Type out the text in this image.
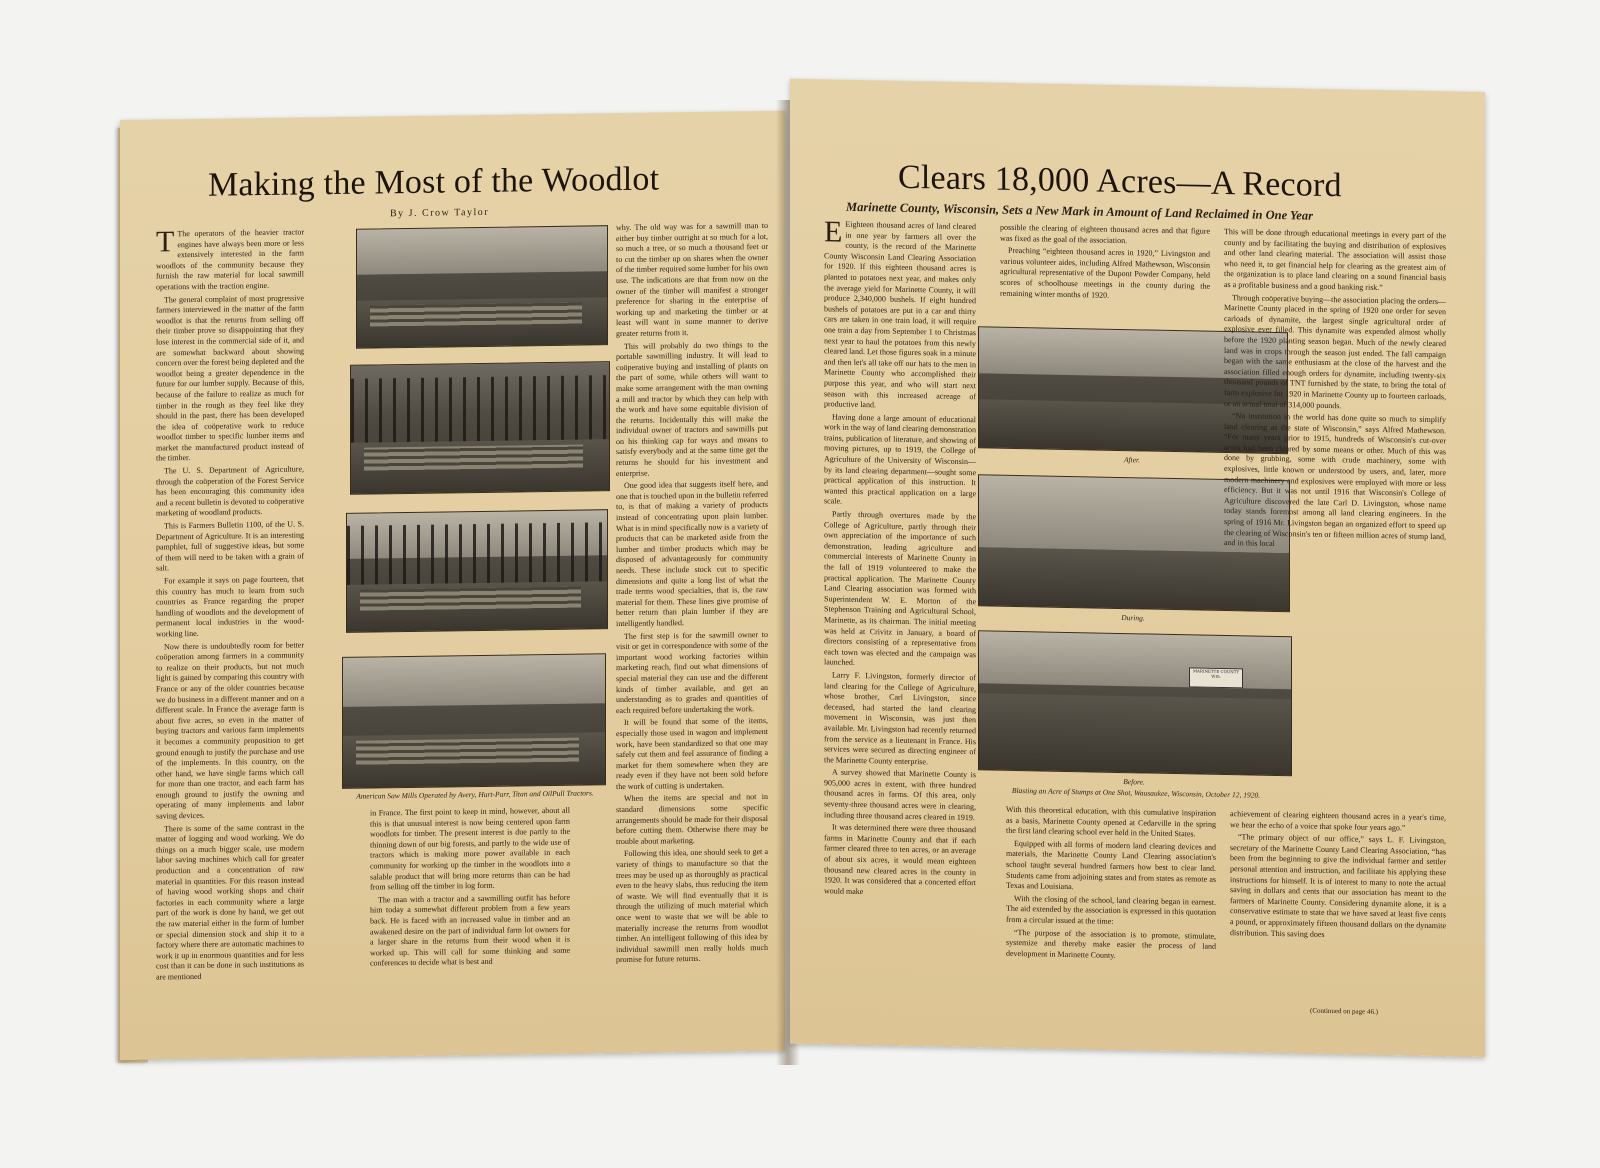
Making the Most of the Woodlot
By J. Crow Taylor

T The operators of the heavier tractor engines have always been more or less extensively interested in the farm woodlots of the community because they furnish the raw material for local sawmill operations with the traction engine.

The general complaint of most progressive farmers interviewed in the matter of the farm woodlot is that the returns from selling off their timber prove so disappointing that they lose interest in the commercial side of it, and are somewhat backward about showing concern over the forest being depleted and the woodlot being a greater dependence in the future for our lumber supply. Because of this, because of the failure to realize as much for timber in the rough as they feel like they should in the past, there has been developed the idea of coöperative work to reduce woodlot timber to specific lumber items and market the manufactured product instead of the timber.

The U. S. Department of Agriculture, through the coöperation of the Forest Service has been encouraging this community idea and a recent bulletin is devoted to coöperative marketing of woodland products.

This is Farmers Bulletin 1100, of the U. S. Department of Agriculture. It is an interesting pamphlet, full of suggestive ideas, but some of them will need to be taken with a grain of salt.

For example it says on page fourteen, that this country has much to learn from such countries as France regarding the proper handling of woodlots and the development of permanent local industries in the wood-working line.

Now there is undoubtedly room for better coöperation among farmers in a community to realize on their products, but not much light is gained by comparing this country with France or any of the older countries because we do business in a different manner and on a different scale. In France the average farm is about five acres, so even in the matter of buying tractors and various farm implements it becomes a community proposition to get ground enough to justify the purchase and use of the implements. In this country, on the other hand, we have single farms which call for more than one tractor, and each farm has enough ground to justify the owning and operating of many implements and labor saving devices.

There is some of the same contrast in the matter of logging and wood working. We do things on a much bigger scale, use modern labor saving machines which call for greater production and a concentration of raw material in quantities. For this reason instead of having wood working shops and chair factories in each community where a large part of the work is done by hand, we get out the raw material either in the form of lumber or special dimension stock and ship it to a factory where there are automatic machines to work it up in enormous quantities and for less cost than it can be done in such institutions as are mentioned

American Saw Mills Operated by Avery, Hart-Parr, Titan and OilPull Tractors.

in France. The first point to keep in mind, however, about all this is that unusual interest is now being centered upon farm woodlots for timber. The present interest is due partly to the thinning down of our big forests, and partly to the wide use of tractors which is making more power available in each community for working up the timber in the woodlots into a salable product that will bring more returns than can be had from selling off the timber in log form.

The man with a tractor and a sawmilling outfit has before him today a somewhat different problem from a few years back. He is faced with an increased value in timber and an awakened desire on the part of individual farm lot owners for a larger share in the returns from their wood when it is worked up. This will call for some thinking and some conferences to decide what is best and

why. The old way was for a sawmill man to either buy timber outright at so much for a lot, so much a tree, or so much a thousand feet or to cut the timber up on shares when the owner of the timber required some lumber for his own use. The indications are that from now on the owner of the timber will manifest a stronger preference for sharing in the enterprise of working up and marketing the timber or at least will want in some manner to derive greater returns from it.

This will probably do two things to the portable sawmilling industry. It will lead to coöperative buying and installing of plants on the part of some, while others will want to make some arrangement with the man owning a mill and tractor by which they can help with the work and have some equitable division of the returns. Incidentally this will make the individual owner of tractors and sawmills put on his thinking cap for ways and means to satisfy everybody and at the same time get the returns he should for his investment and enterprise.

One good idea that suggests itself here, and one that is touched upon in the bulletin referred to, is that of making a variety of products instead of concentrating upon plain lumber. What is in mind specifically now is a variety of products that can be marketed aside from the lumber and timber products which may be disposed of advantageously for community needs. These include stock cut to specific dimensions and quite a long list of what the trade terms wood specialties, that is, the raw material for them. These lines give promise of better return than plain lumber if they are intelligently handled.

The first step is for the sawmill owner to visit or get in correspondence with some of the important wood working factories within marketing reach, find out what dimensions of special material they can use and the different kinds of timber available, and get an understanding as to grades and quantities of each required before undertaking the work.

It will be found that some of the items, especially those used in wagon and implement work, have been standardized so that one may safely cut them and feel assurance of finding a market for them somewhere when they are ready even if they have not been sold before the work of cutting is undertaken.

When the items are special and not in standard dimensions some specific arrangements should be made for their disposal before cutting them. Otherwise there may be trouble about marketing.

Following this idea, one should seek to get a variety of things to manufacture so that the trees may be used up as thoroughly as practical even to the heavy slabs, thus reducing the item of waste. We will find eventually that it is through the utilizing of much material which once went to waste that we will be able to materially increase the returns from woodlot timber. An intelligent following of this idea by individual sawmill men really holds much promise for future returns.

Clears 18,000 Acres—A Record
Marinette County, Wisconsin, Sets a New Mark in Amount of Land Reclaimed in One Year

E Eighteen thousand acres of land cleared in one year by farmers all over the county, is the record of the Marinette County Wisconsin Land Clearing Association for 1920. If this eighteen thousand acres is planted to potatoes next year, and makes only the average yield for Marinette County, it will produce 2,340,000 bushels. If eight hundred bushels of potatoes are put in a car and thirty cars are taken in one train load, it will require one train a day from September 1 to Christmas next year to haul the potatoes from this newly cleared land. Let those figures soak in a minute and then let's all take off our hats to the men in Marinette County who accomplished their purpose this year, and who will start next season with this increased acreage of productive land.

Having done a large amount of educational work in the way of land clearing demonstration trains, publication of literature, and showing of moving pictures, up to 1919, the College of Agriculture of the University of Wisconsin—by its land clearing department—sought some practical application of this instruction. It wanted this practical application on a large scale.

Partly through overtures made by the College of Agriculture, partly through their own appreciation of the importance of such demonstration, leading agriculture and commercial interests of Marinette County in the fall of 1919 volunteered to make the practical application. The Marinette County Land Clearing association was formed with Superintendent W. E. Morton of the Stephenson Training and Agricultural School, Marinette, as its chairman. The initial meeting was held at Crivitz in January, a board of directors consisting of a representative from each town was elected and the campaign was launched.

Larry F. Livingston, formerly director of land clearing for the College of Agriculture, whose brother, Carl Livingston, since deceased, had started the land clearing movement in Wisconsin, was just then available. Mr. Livingston had recently returned from the service as a lieutenant in France. His services were secured as directing engineer of the Marinette County enterprise.

A survey showed that Marinette County is 905,000 acres in extent, with three hundred thousand acres in farms. Of this area, only seventy-three thousand acres were in clearing, including three thousand acres cleared in 1919.

It was determined there were three thousand farms in Marinette County and that if each farmer cleared three to ten acres, or an average of about six acres, it would mean eighteen thousand new cleared acres in the county in 1920. It was considered that a concerted effort would make

possible the clearing of eighteen thousand acres and that figure was fixed as the goal of the association.

Preaching “eighteen thousand acres in 1920,” Livingston and various volunteer aides, including Alfred Mathewson, Wisconsin agricultural representative of the Dupont Powder Company, held scores of schoolhouse meetings in the county during the remaining winter months of 1920.

After.
During.
MARINETTE COUNTY WIS.
Before.
Blasting an Acre of Stumps at One Shot, Wausaukee, Wisconsin, October 12, 1920.

With this theoretical education, with this cumulative inspiration as a basis, Marinette County opened at Cedarville in the spring the first land clearing school ever held in the United States.

Equipped with all forms of modern land clearing devices and materials, the Marinette County Land Clearing association's school taught several hundred farmers how best to clear land. Students came from adjoining states and from states as remote as Texas and Louisiana.

With the closing of the school, land clearing began in earnest. The aid extended by the association is expressed in this quotation from a circular issued at the time:

“The purpose of the association is to promote, stimulate, systemize and thereby make easier the process of land development in Marinette County.

This will be done through educational meetings in every part of the county and by facilitating the buying and distribution of explosives and other land clearing material. The association will assist those who need it, to get financial help for clearing as the greatest aim of the organization is to place land clearing on a sound financial basis as a profitable business and a good banking risk.”

Through coöperative buying—the association placing the orders—Marinette County placed in the spring of 1920 one order for seven carloads of dynamite, the largest single agricultural order of explosive ever filled. This dynamite was expended almost wholly before the 1920 planting season began. Much of the newly cleared land was in crops through the season just ended. The fall campaign began with the same enthusiasm at the close of the harvest and the association filled enough orders for dynamite, including twenty-six thousand pounds of TNT furnished by the state, to bring the total of farm explosive for 1920 in Marinette County up to fourteen carloads, or an actual total of 314,000 pounds.

“No institution in the world has done quite so much to simplify land clearing as the state of Wisconsin,” says Alfred Mathewson. “For many years prior to 1915, hundreds of Wisconsin's cut-over acres had been cleared by some means or other. Much of this was done by grubbing, some with crude machinery, some with explosives, little known or understood by users, and, later, more modern machinery and explosives were employed with more or less efficiency. But it was not until 1916 that Wisconsin's College of Agriculture discovered the late Carl D. Livingston, whose name today stands foremost among all land clearing engineers. In the spring of 1916 Mr. Livingston began an organized effort to speed up the clearing of Wisconsin's ten or fifteen million acres of stump land, and in this local

achievement of clearing eighteen thousand acres in a year's time, we hear the echo of a voice that spoke four years ago.”

“The primary object of our office,” says L. F. Livingston, secretary of the Marinette County Land Clearing Association, “has been from the beginning to give the individual farmer and settler personal attention and instruction, and facilitate his applying these instructions for himself. It is of interest to many to note the actual saving in dollars and cents that our association has meant to the farmers of Marinette County. Considering dynamite alone, it is a conservative estimate to state that we have saved at least five cents a pound, or approximately fifteen thousand dollars on the dynamite distribution. This saving does

(Continued on page 46.)
